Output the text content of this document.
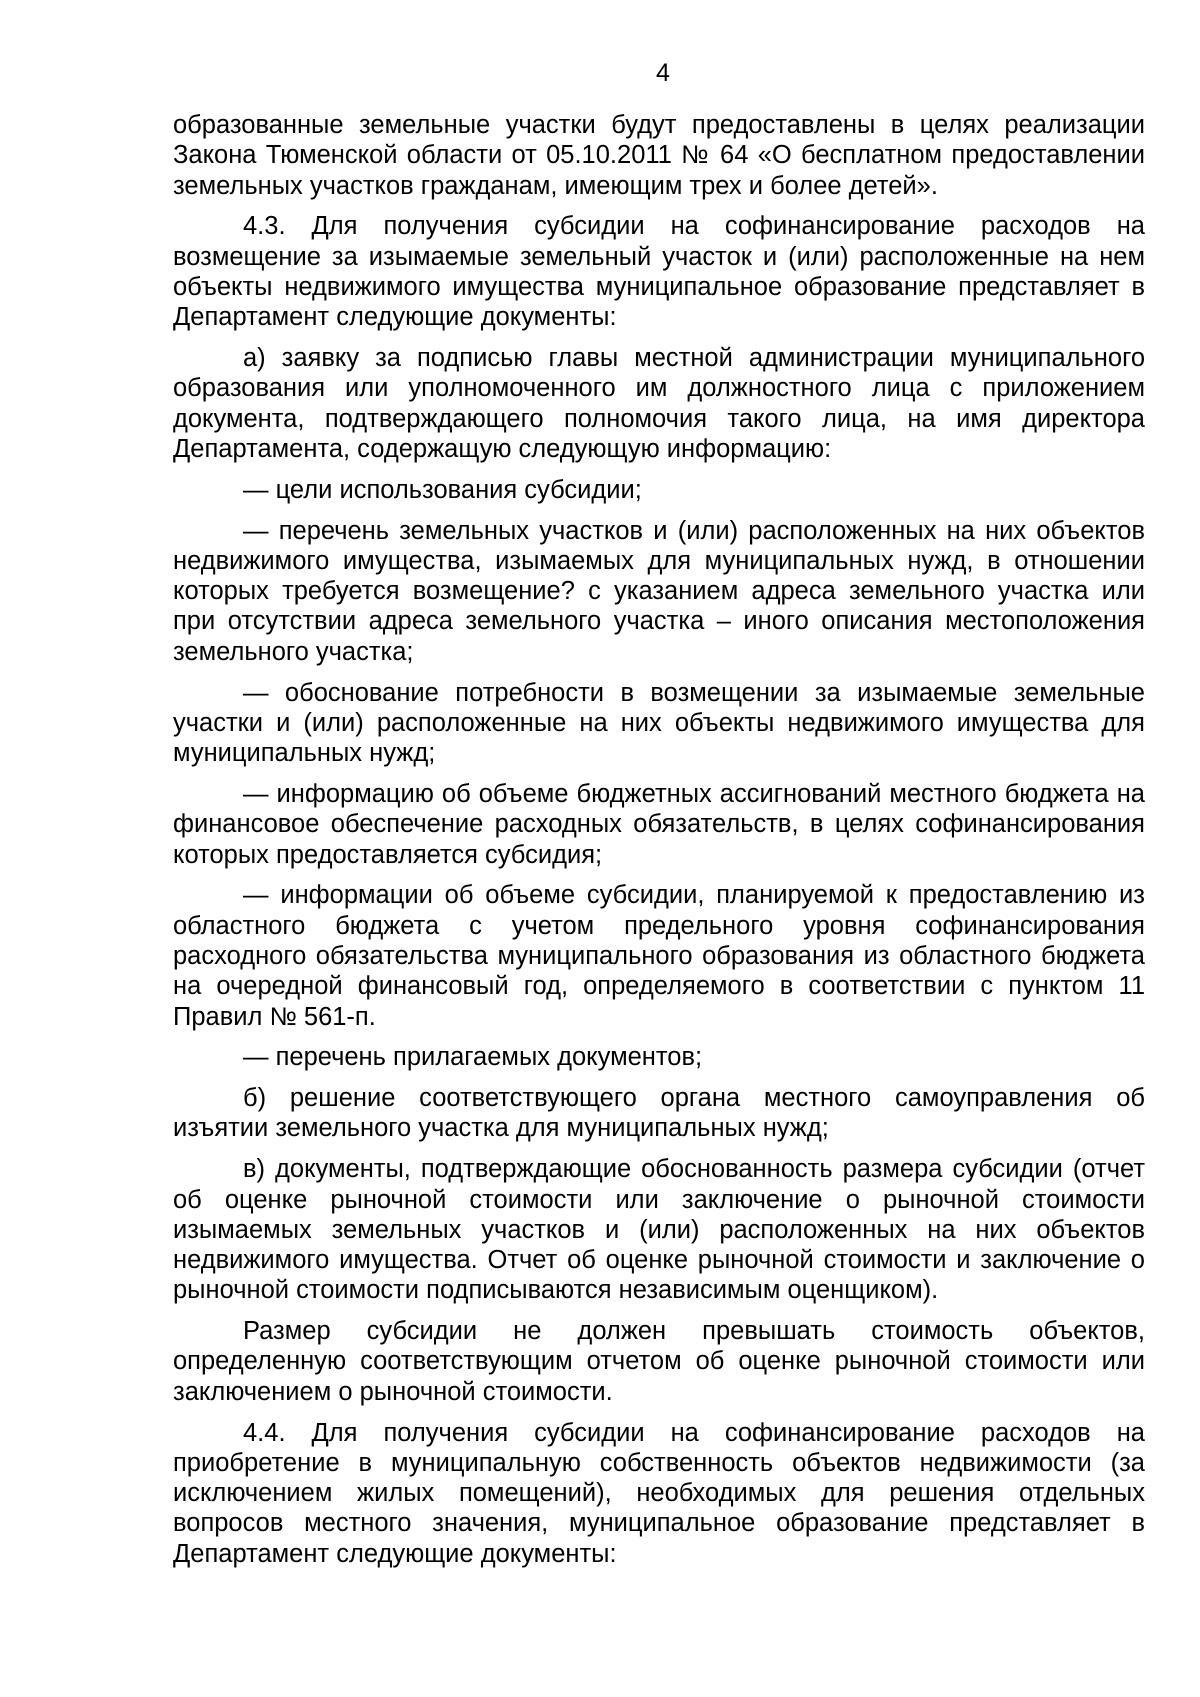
4

образованные земельные участки будут предоставлены в целях реализации Закона Тюменской области от 05.10.2011 № 64 «О бесплатном предоставлении земельных участков гражданам, имеющим трех и более детей».

4.3. Для получения субсидии на софинансирование расходов на возмещение за изымаемые земельный участок и (или) расположенные на нем объекты недвижимого имущества муниципальное образование представляет в Департамент следующие документы:

а) заявку за подписью главы местной администрации муниципального образования или уполномоченного им должностного лица с приложением документа, подтверждающего полномочия такого лица, на имя директора Департамента, содержащую следующую информацию:

— цели использования субсидии;

— перечень земельных участков и (или) расположенных на них объектов недвижимого имущества, изымаемых для муниципальных нужд, в отношении которых требуется возмещение? с указанием адреса земельного участка или при отсутствии адреса земельного участка – иного описания местоположения земельного участка;

— обоснование потребности в возмещении за изымаемые земельные участки и (или) расположенные на них объекты недвижимого имущества для муниципальных нужд;

— информацию об объеме бюджетных ассигнований местного бюджета на финансовое обеспечение расходных обязательств, в целях софинансирования которых предоставляется субсидия;

— информации об объеме субсидии, планируемой к предоставлению из областного бюджета с учетом предельного уровня софинансирования расходного обязательства муниципального образования из областного бюджета на очередной финансовый год, определяемого в соответствии с пунктом 11 Правил № 561-п.

— перечень прилагаемых документов;

б) решение соответствующего органа местного самоуправления об изъятии земельного участка для муниципальных нужд;

в) документы, подтверждающие обоснованность размера субсидии (отчет об оценке рыночной стоимости или заключение о рыночной стоимости изымаемых земельных участков и (или) расположенных на них объектов недвижимого имущества. Отчет об оценке рыночной стоимости и заключение о рыночной стоимости подписываются независимым оценщиком).

Размер субсидии не должен превышать стоимость объектов, определенную соответствующим отчетом об оценке рыночной стоимости или заключением о рыночной стоимости.

4.4. Для получения субсидии на софинансирование расходов на приобретение в муниципальную собственность объектов недвижимости (за исключением жилых помещений), необходимых для решения отдельных вопросов местного значения, муниципальное образование представляет в Департамент следующие документы:
